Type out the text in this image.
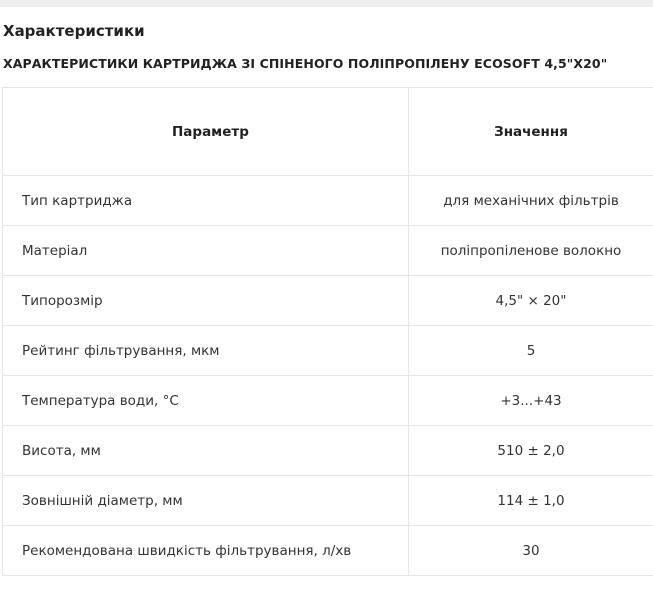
Характеристики
ХАРАКТЕРИСТИКИ КАРТРИДЖА ЗІ СПІНЕНОГО ПОЛІПРОПІЛЕНУ ECOSOFT 4,5"X20"
Параметр	Значення
Тип картриджа	для механічних фільтрів
Матеріал	поліпропіленове волокно
Типорозмір	4,5" × 20"
Рейтинг фільтрування, мкм	5
Температура води, °С	+3...+43
Висота, мм	510 ± 2,0
Зовнішній діаметр, мм	114 ± 1,0
Рекомендована швидкість фільтрування, л/хв	30
